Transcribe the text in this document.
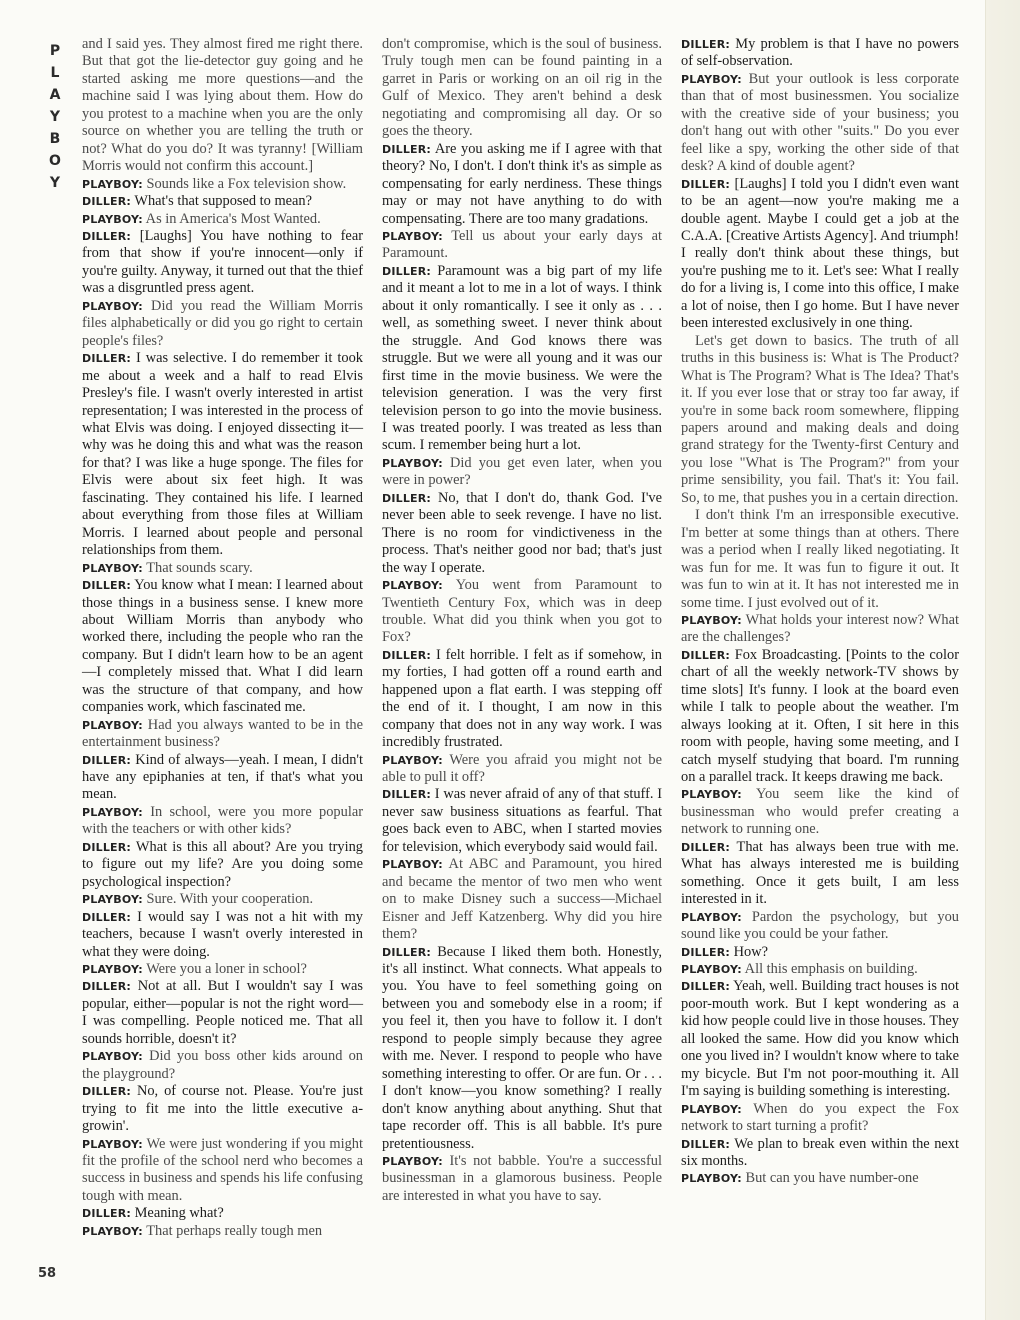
P
L
A
Y
B
O
Y

and I said yes. They almost fired me right there. But that got the lie-detector guy going and he started asking me more questions—and the machine said I was lying about them. How do you protest to a machine when you are the only source on whether you are telling the truth or not? What do you do? It was tyranny! [William Morris would not confirm this account.]

PLAYBOY: Sounds like a Fox television show.

DILLER: What's that supposed to mean?

PLAYBOY: As in America's Most Wanted.

DILLER: [Laughs] You have nothing to fear from that show if you're innocent—only if you're guilty. Anyway, it turned out that the thief was a disgruntled press agent.

PLAYBOY: Did you read the William Morris files alphabetically or did you go right to certain people's files?

DILLER: I was selective. I do remember it took me about a week and a half to read Elvis Presley's file. I wasn't overly interested in artist representation; I was interested in the process of what Elvis was doing. I enjoyed dissecting it—why was he doing this and what was the reason for that? I was like a huge sponge. The files for Elvis were about six feet high. It was fascinating. They contained his life. I learned about everything from those files at William Morris. I learned about people and personal relationships from them.

PLAYBOY: That sounds scary.

DILLER: You know what I mean: I learned about those things in a business sense. I knew more about William Morris than anybody who worked there, including the people who ran the company. But I didn't learn how to be an agent—I completely missed that. What I did learn was the structure of that company, and how companies work, which fascinated me.

PLAYBOY: Had you always wanted to be in the entertainment business?

DILLER: Kind of always—yeah. I mean, I didn't have any epiphanies at ten, if that's what you mean.

PLAYBOY: In school, were you more popular with the teachers or with other kids?

DILLER: What is this all about? Are you trying to figure out my life? Are you doing some psychological inspection?

PLAYBOY: Sure. With your cooperation.

DILLER: I would say I was not a hit with my teachers, because I wasn't overly interested in what they were doing.

PLAYBOY: Were you a loner in school?

DILLER: Not at all. But I wouldn't say I was popular, either—popular is not the right word—I was compelling. People noticed me. That all sounds horrible, doesn't it?

PLAYBOY: Did you boss other kids around on the playground?

DILLER: No, of course not. Please. You're just trying to fit me into the little executive a-growin'.

PLAYBOY: We were just wondering if you might fit the profile of the school nerd who becomes a success in business and spends his life confusing tough with mean.

DILLER: Meaning what?

PLAYBOY: That perhaps really tough men

don't compromise, which is the soul of business. Truly tough men can be found painting in a garret in Paris or working on an oil rig in the Gulf of Mexico. They aren't behind a desk negotiating and compromising all day. Or so goes the theory.

DILLER: Are you asking me if I agree with that theory? No, I don't. I don't think it's as simple as compensating for early nerdiness. These things may or may not have anything to do with compensating. There are too many gradations.

PLAYBOY: Tell us about your early days at Paramount.

DILLER: Paramount was a big part of my life and it meant a lot to me in a lot of ways. I think about it only romantically. I see it only as . . . well, as something sweet. I never think about the struggle. And God knows there was struggle. But we were all young and it was our first time in the movie business. We were the television generation. I was the very first television person to go into the movie business. I was treated poorly. I was treated as less than scum. I remember being hurt a lot.

PLAYBOY: Did you get even later, when you were in power?

DILLER: No, that I don't do, thank God. I've never been able to seek revenge. I have no list. There is no room for vindictiveness in the process. That's neither good nor bad; that's just the way I operate.

PLAYBOY: You went from Paramount to Twentieth Century Fox, which was in deep trouble. What did you think when you got to Fox?

DILLER: I felt horrible. I felt as if somehow, in my forties, I had gotten off a round earth and happened upon a flat earth. I was stepping off the end of it. I thought, I am now in this company that does not in any way work. I was incredibly frustrated.

PLAYBOY: Were you afraid you might not be able to pull it off?

DILLER: I was never afraid of any of that stuff. I never saw business situations as fearful. That goes back even to ABC, when I started movies for television, which everybody said would fail.

PLAYBOY: At ABC and Paramount, you hired and became the mentor of two men who went on to make Disney such a success—Michael Eisner and Jeff Katzenberg. Why did you hire them?

DILLER: Because I liked them both. Honestly, it's all instinct. What connects. What appeals to you. You have to feel something going on between you and somebody else in a room; if you feel it, then you have to follow it. I don't respond to people simply because they agree with me. Never. I respond to people who have something interesting to offer. Or are fun. Or . . . I don't know—you know something? I really don't know anything about anything. Shut that tape recorder off. This is all babble. It's pure pretentiousness.

PLAYBOY: It's not babble. You're a successful businessman in a glamorous business. People are interested in what you have to say.

DILLER: My problem is that I have no powers of self-observation.

PLAYBOY: But your outlook is less corporate than that of most businessmen. You socialize with the creative side of your business; you don't hang out with other "suits." Do you ever feel like a spy, working the other side of that desk? A kind of double agent?

DILLER: [Laughs] I told you I didn't even want to be an agent—now you're making me a double agent. Maybe I could get a job at the C.A.A. [Creative Artists Agency]. And triumph! I really don't think about these things, but you're pushing me to it. Let's see: What I really do for a living is, I come into this office, I make a lot of noise, then I go home. But I have never been interested exclusively in one thing.

Let's get down to basics. The truth of all truths in this business is: What is The Product? What is The Program? What is The Idea? That's it. If you ever lose that or stray too far away, if you're in some back room somewhere, flipping papers around and making deals and doing grand strategy for the Twenty-first Century and you lose "What is The Program?" from your prime sensibility, you fail. That's it: You fail. So, to me, that pushes you in a certain direction.

I don't think I'm an irresponsible executive. I'm better at some things than at others. There was a period when I really liked negotiating. It was fun for me. It was fun to figure it out. It was fun to win at it. It has not interested me in some time. I just evolved out of it.

PLAYBOY: What holds your interest now? What are the challenges?

DILLER: Fox Broadcasting. [Points to the color chart of all the weekly network-TV shows by time slots] It's funny. I look at the board even while I talk to people about the weather. I'm always looking at it. Often, I sit here in this room with people, having some meeting, and I catch myself studying that board. I'm running on a parallel track. It keeps drawing me back.

PLAYBOY: You seem like the kind of businessman who would prefer creating a network to running one.

DILLER: That has always been true with me. What has always interested me is building something. Once it gets built, I am less interested in it.

PLAYBOY: Pardon the psychology, but you sound like you could be your father.

DILLER: How?

PLAYBOY: All this emphasis on building.

DILLER: Yeah, well. Building tract houses is not poor-mouth work. But I kept wondering as a kid how people could live in those houses. They all looked the same. How did you know which one you lived in? I wouldn't know where to take my bicycle. But I'm not poor-mouthing it. All I'm saying is building something is interesting.

PLAYBOY: When do you expect the Fox network to start turning a profit?

DILLER: We plan to break even within the next six months.

PLAYBOY: But can you have number-one

58
